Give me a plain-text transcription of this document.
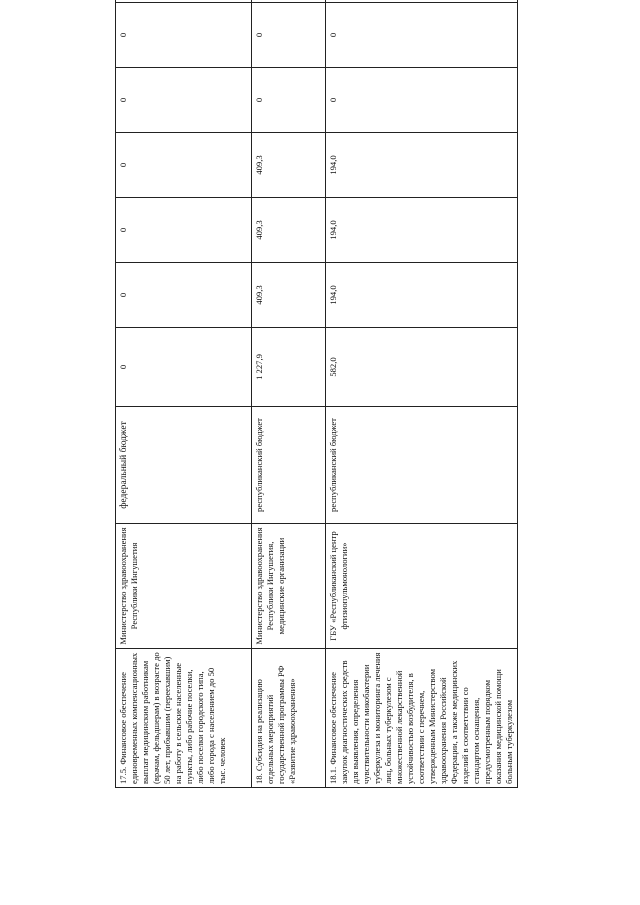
17.5. Финансовое обеспечение единовременных компенсационных выплат медицинским работникам (врачам, фельдшерам) в возрасте до 50 лет, прибывшим (переехавшим) на работу в сельские населенные пункты, либо рабочие поселки, либо поселки городского типа, либо города с населением до 50 тыс. человек	Министерство здравоохранения Республики Ингушетия	федеральный бюджет	0	0	0	0	0	0	
18. Субсидия на реализацию отдельных мероприятий государственной программы РФ «Развитие здравоохранения»	Министерство здравоохранения Республики Ингушетия, медицинские организации	республиканский бюджет	1 227,9	409,3	409,3	409,3	0	0	
18.1. Финансовое обеспечение закупок диагностических средств для выявления, определения чувствительности микобактерии туберкулеза и мониторинга лечения лиц, больных туберкулезом с множественной лекарственной устойчивостью возбудителя, в соответствии с перечнем, утвержденным Министерством здравоохранения Российской Федерации, а также медицинских изделий в соответствии со стандартом оснащения, предусмотренным порядком оказания медицинской помощи больным туберкулезом	ГБУ «Республиканский центр фтизиопульмонологии»	республиканский бюджет	582,0	194,0	194,0	194,0	0	0	
